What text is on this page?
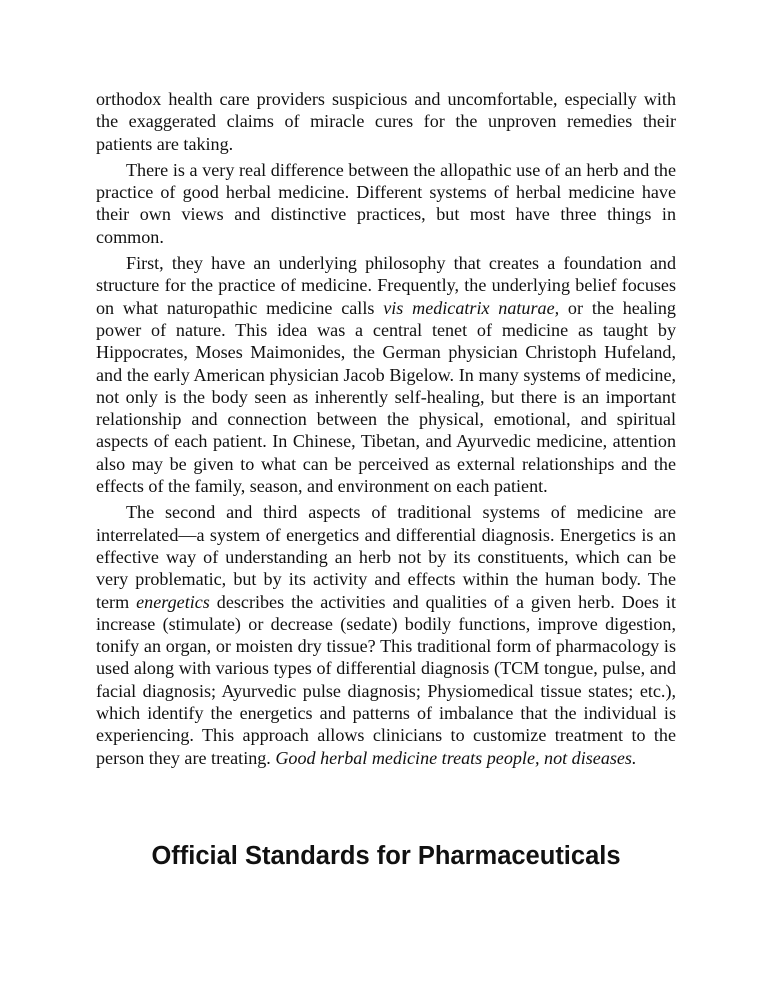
orthodox health care providers suspicious and uncomfortable, especially with the exaggerated claims of miracle cures for the unproven remedies their patients are taking.

There is a very real difference between the allopathic use of an herb and the practice of good herbal medicine. Different systems of herbal medicine have their own views and distinctive practices, but most have three things in common.

First, they have an underlying philosophy that creates a foundation and structure for the practice of medicine. Frequently, the underlying belief focuses on what naturopathic medicine calls vis medicatrix naturae, or the healing power of nature. This idea was a central tenet of medicine as taught by Hippocrates, Moses Maimonides, the German physician Christoph Hufeland, and the early American physician Jacob Bigelow. In many systems of medicine, not only is the body seen as inherently self-healing, but there is an important relationship and connection between the physical, emotional, and spiritual aspects of each patient. In Chinese, Tibetan, and Ayurvedic medicine, attention also may be given to what can be perceived as external relationships and the effects of the family, season, and environment on each patient.

The second and third aspects of traditional systems of medicine are interrelated—a system of energetics and differential diagnosis. Energetics is an effective way of understanding an herb not by its constituents, which can be very problematic, but by its activity and effects within the human body. The term energetics describes the activities and qualities of a given herb. Does it increase (stimulate) or decrease (sedate) bodily functions, improve digestion, tonify an organ, or moisten dry tissue? This traditional form of pharmacology is used along with various types of differential diagnosis (TCM tongue, pulse, and facial diagnosis; Ayurvedic pulse diagnosis; Physiomedical tissue states; etc.), which identify the energetics and patterns of imbalance that the individual is experiencing. This approach allows clinicians to customize treatment to the person they are treating. Good herbal medicine treats people, not diseases.

Official Standards for Pharmaceuticals
